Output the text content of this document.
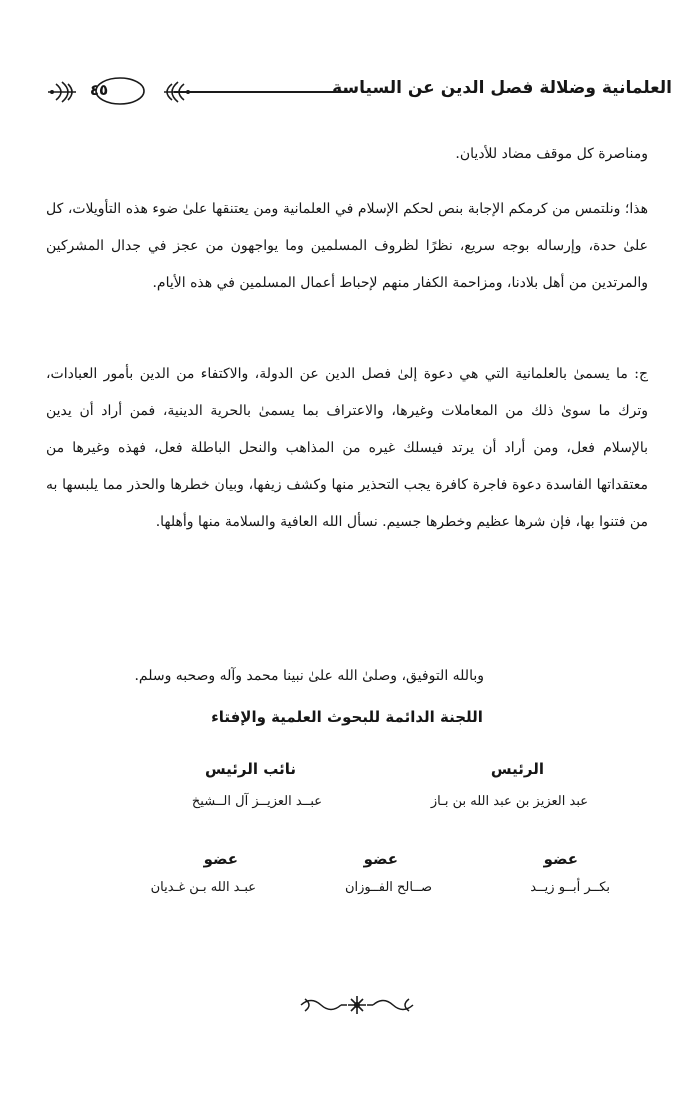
العلمانية وضلالة فصل الدين عن السياسة
٤٥

ومناصرة كل موقف مضاد للأديان.

هذا؛ ونلتمس من كرمكم الإجابة بنص لحكم الإسلام في العلمانية ومن يعتنقها علىٰ ضوء هذه التأويلات، كل علىٰ حدة، وإرساله بوجه سريع، نظرًا لظروف المسلمين وما يواجهون من عجز في جدال المشركين والمرتدين من أهل بلادنا، ومزاحمة الكفار منهم لإحباط أعمال المسلمين في هذه الأيام.

ج: ما يسمىٰ بالعلمانية التي هي دعوة إلىٰ فصل الدين عن الدولة، والاكتفاء من الدين بأمور العبادات، وترك ما سوىٰ ذلك من المعاملات وغيرها، والاعتراف بما يسمىٰ بالحرية الدينية، فمن أراد أن يدين بالإسلام فعل، ومن أراد أن يرتد فيسلك غيره من المذاهب والنحل الباطلة فعل، فهذه وغيرها من معتقداتها الفاسدة دعوة فاجرة كافرة يجب التحذير منها وكشف زيفها، وبيان خطرها والحذر مما يلبسها به من فتنوا بها، فإن شرها عظيم وخطرها جسيم. نسأل الله العافية والسلامة منها وأهلها.

وبالله التوفيق، وصلىٰ الله علىٰ نبينا محمد وآله وصحبه وسلم.
اللجنة الدائمة للبحوث العلمية والإفتاء
الرئيس
نائب الرئيس
عبد العزيز بن عبد الله بن بـاز
عبــد العزيــز آل الــشيخ
عضو
عضو
عضو
بكــر أبــو زيــد
صــالح الفــوزان
عبـد الله بـن غـديان
